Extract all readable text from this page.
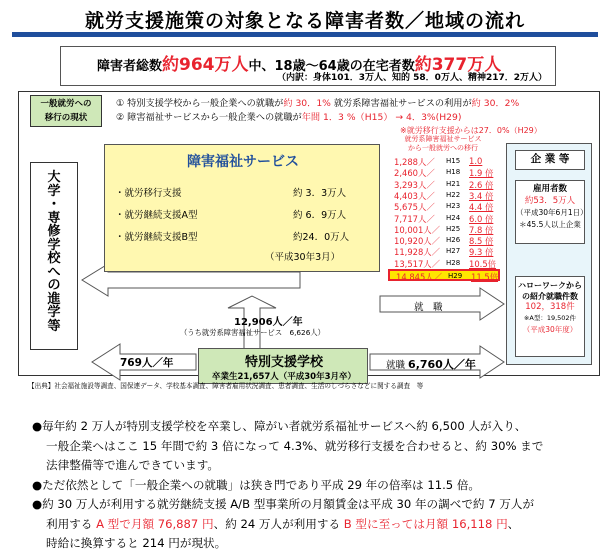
就労支援施策の対象となる障害者数／地域の流れ
障害者総数約964万人中、18歳～64歳の在宅者数約377万人
（内訳：身体101．3万人、知的 58．0万人、精神217．2万人）
一般就労への
移行の現状
① 特別支援学校から一般企業への就職が約 30．1% 就労系障害福祉サービスの利用が約 30．2%
② 障害福祉サービスから一般企業への就職が年間 1．3 %（H15） → 4．3%(H29)
※就労移行支援からは27．0%（H29）
大
学
・
専
修
学
校
へ
の
進
学
等
障害福祉サービス
・就労移行支援	約 3．3万人
・就労継続支援A型	約 6．9万人
・就労継続支援B型	約24．0万人
（平成30年3月）
就労系障害福祉サービス
から一般就労への移行
1,288人／ H15 1.0
2,460人／ H18 1.9 倍
3,293人／ H21 2.6 倍
4,403人／ H22 3.4 倍
5,675人／ H23 4.4 倍
7,717人／ H24 6.0 倍
10,001人／ H25 7.8 倍
10,920人／ H26 8.5 倍
11,928人／ H27 9.3 倍
13,517人／ H28 10.5倍
14,845人／ H29 11.5倍
企 業 等
雇用者数
約53．5万人
（平成30年6月1日）
＊45.5人以上企業
ハローワークから
の紹介就職件数
102，318件
※A型：19,502件
（平成30年度）
就　職
12,906人／年
（うち就労系障害福祉サービス　6,626人）
769人／年	就職 6,760人／年
特別支援学校
卒業生21,657人（平成30年3月卒）
【出典】社会福祉施設等調査、国保連データ、学校基本調査、障害者雇用状況調査、患者調査、生活のしづらさなどに関する調査　等
●毎年約 2 万人が特別支援学校を卒業し、障がい者就労系福祉サービスへ約 6,500 人が入り、
一般企業へはここ 15 年間で約 3 倍になって 4.3%、就労移行支援を合わせると、約 30% まで
法律整備等で進んできています。
●ただ依然として「一般企業への就職」は狭き門であり平成 29 年の倍率は 11.5 倍。
●約 30 万人が利用する就労継続支援 A/B 型事業所の月額賃金は平成 30 年の調べで約 7 万人が
利用する A 型で月額 76,887 円、約 24 万人が利用する B 型に至っては月額 16,118 円、
時給に換算すると 214 円が現状。
